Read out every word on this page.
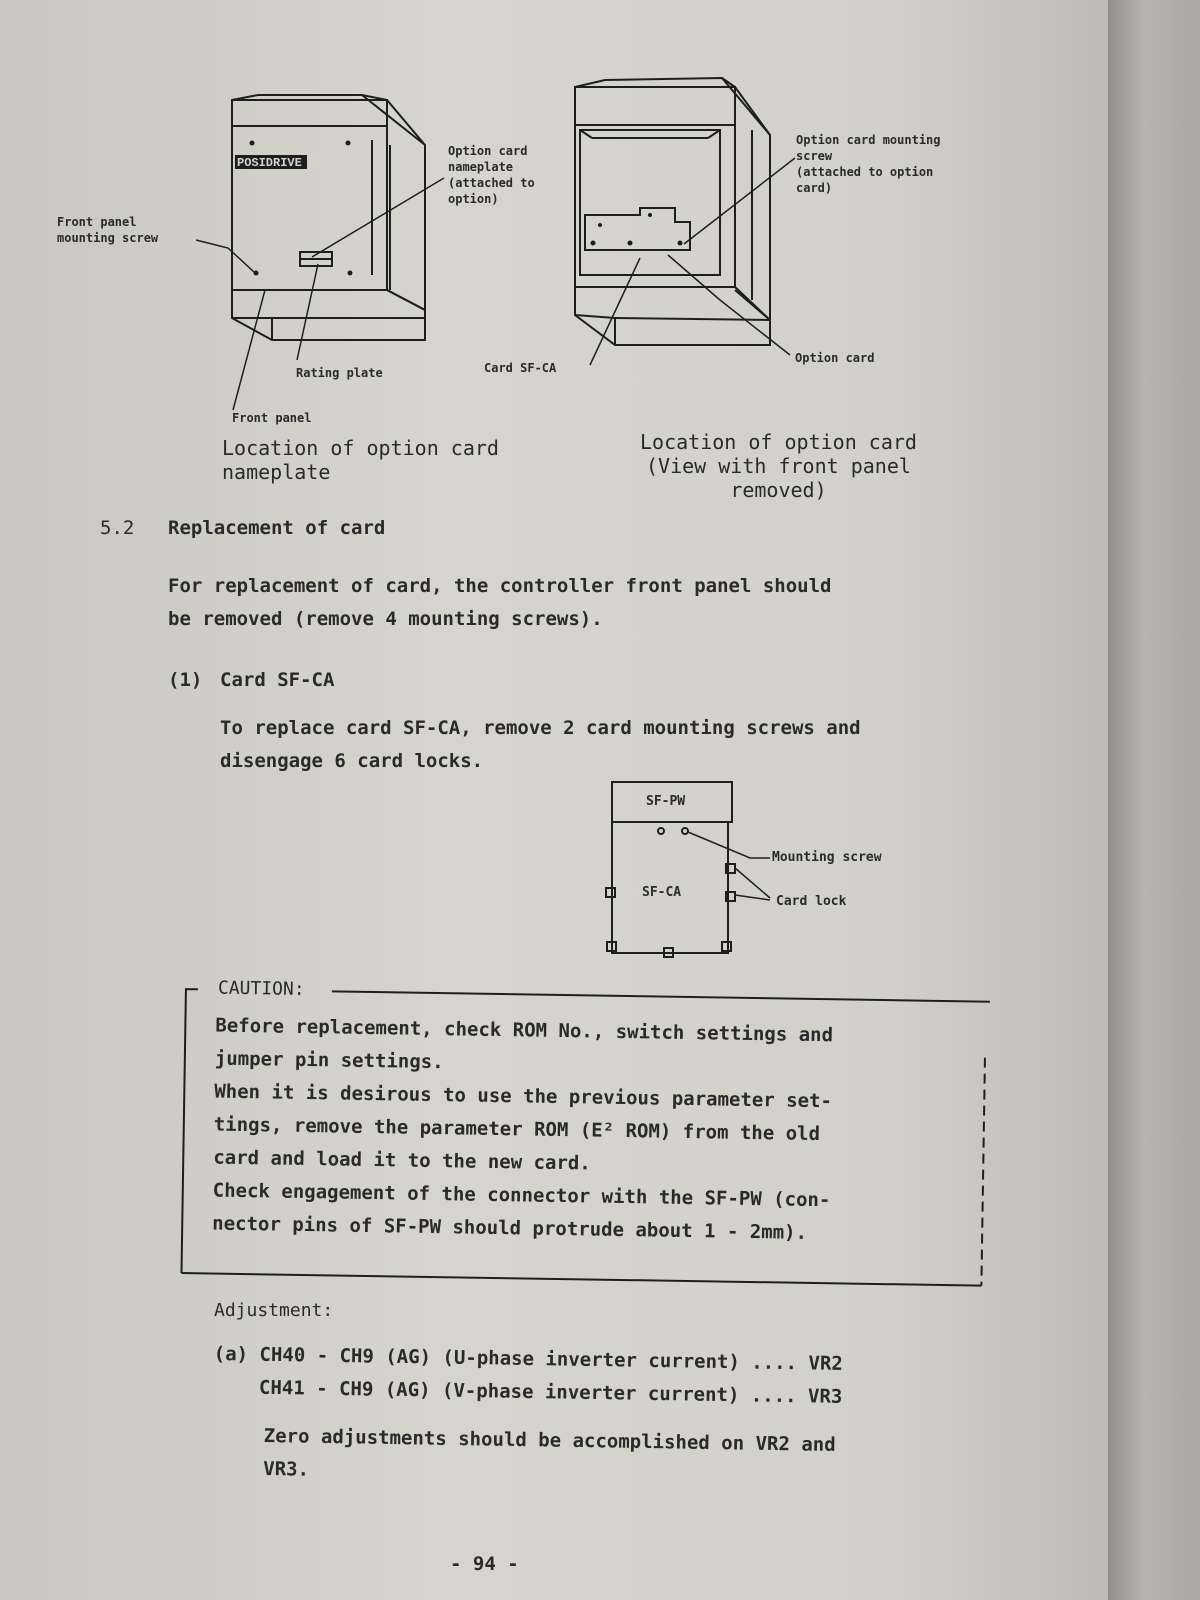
POSIDRIVE SF
Front panel
mounting screw
Option card
nameplate
(attached to
option)
Rating plate
Front panel
Location of option card
nameplate
Option card mounting
screw
(attached to option
card)
Card SF-CA
Option card
Location of option card
(View with front panel
removed)
5.2 Replacement of card
For replacement of card, the controller front panel should
be removed (remove 4 mounting screws).
(1) Card SF-CA
To replace card SF-CA, remove 2 card mounting screws and
disengage 6 card locks.
SF-PW
SF-CA
Mounting screw
Card lock
CAUTION:
Before replacement, check ROM No., switch settings and
jumper pin settings.
When it is desirous to use the previous parameter set-
tings, remove the parameter ROM (E² ROM) from the old
card and load it to the new card.
Check engagement of the connector with the SF-PW (con-
nector pins of SF-PW should protrude about 1 - 2mm).
Adjustment:
(a) CH40 - CH9 (AG) (U-phase inverter current) .... VR2
CH41 - CH9 (AG) (V-phase inverter current) .... VR3
Zero adjustments should be accomplished on VR2 and
VR3.
- 94 -
